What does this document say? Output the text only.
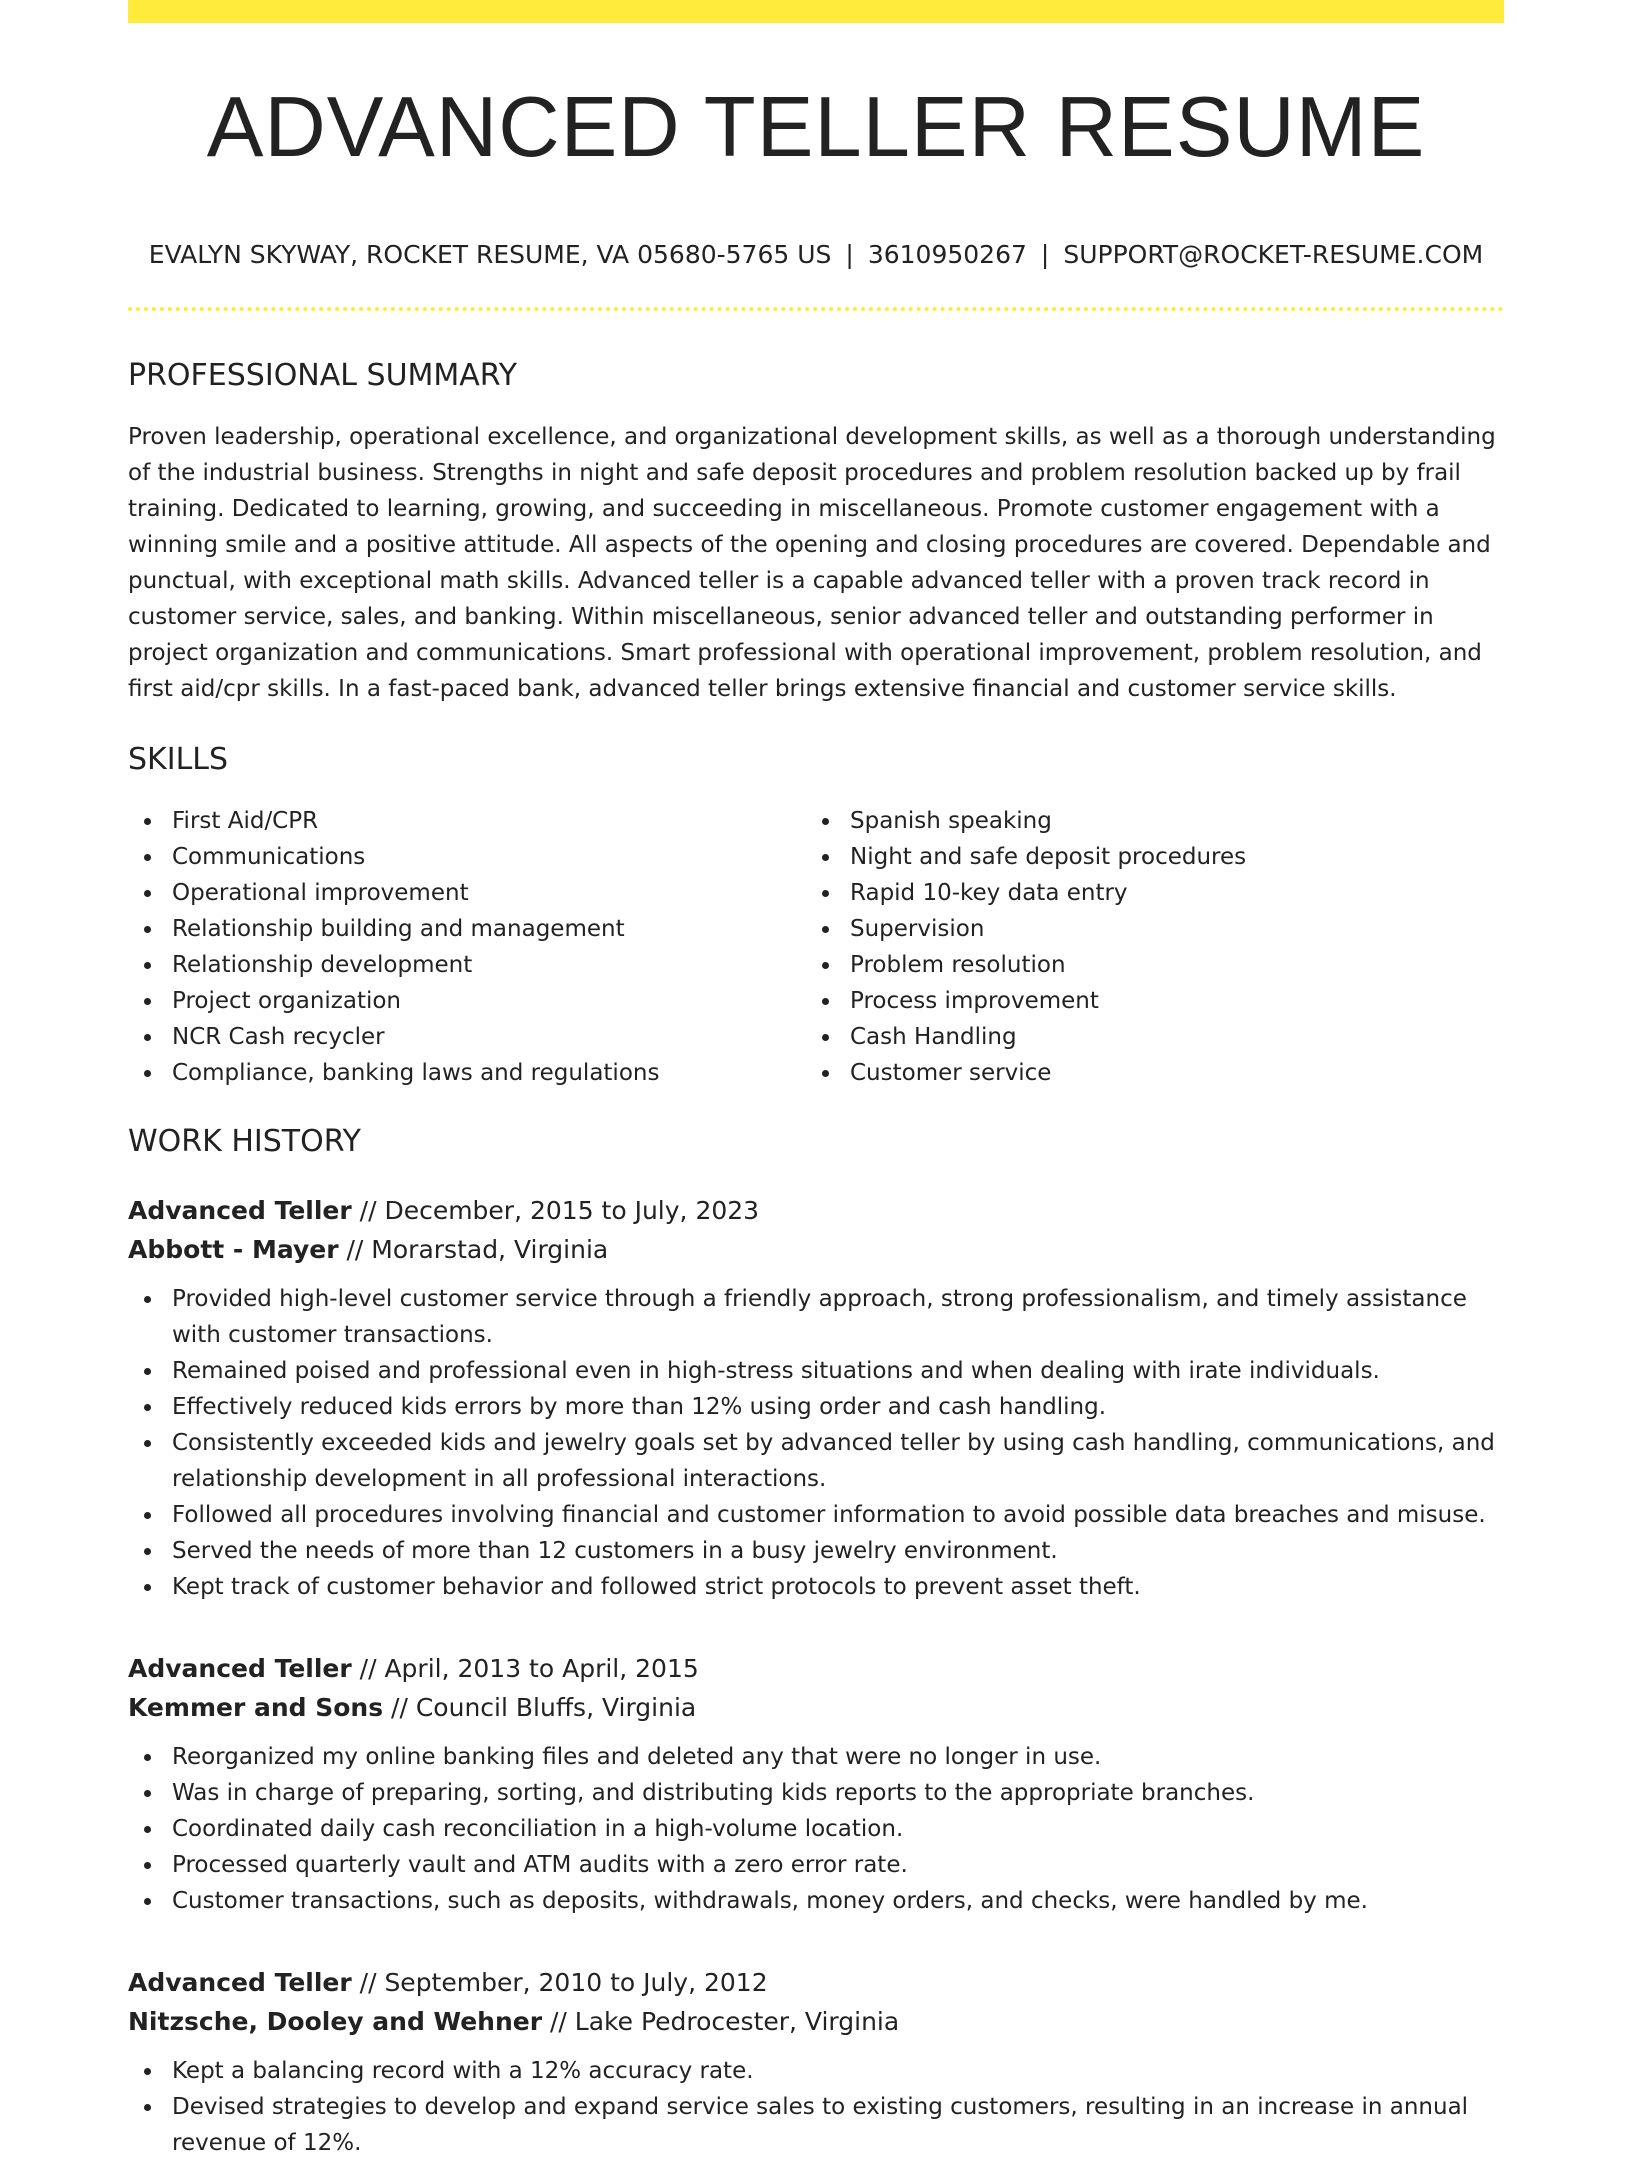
ADVANCED TELLER RESUME
EVALYN SKYWAY, ROCKET RESUME, VA 05680-5765 US | 3610950267 | SUPPORT@ROCKET-RESUME.COM
PROFESSIONAL SUMMARY

Proven leadership, operational excellence, and organizational development skills, as well as a thorough understanding of the industrial business. Strengths in night and safe deposit procedures and problem resolution backed up by frail training. Dedicated to learning, growing, and succeeding in miscellaneous. Promote customer engagement with a winning smile and a positive attitude. All aspects of the opening and closing procedures are covered. Dependable and punctual, with exceptional math skills. Advanced teller is a capable advanced teller with a proven track record in customer service, sales, and banking. Within miscellaneous, senior advanced teller and outstanding performer in project organization and communications. Smart professional with operational improvement, problem resolution, and first aid/cpr skills. In a fast-paced bank, advanced teller brings extensive financial and customer service skills.

SKILLS
First Aid/CPR
Communications
Operational improvement
Relationship building and management
Relationship development
Project organization
NCR Cash recycler
Compliance, banking laws and regulations
Spanish speaking
Night and safe deposit procedures
Rapid 10-key data entry
Supervision
Problem resolution
Process improvement
Cash Handling
Customer service
WORK HISTORY
Advanced Teller // December, 2015 to July, 2023
Abbott - Mayer // Morarstad, Virginia
Provided high-level customer service through a friendly approach, strong professionalism, and timely assistance with customer transactions.
Remained poised and professional even in high-stress situations and when dealing with irate individuals.
Effectively reduced kids errors by more than 12% using order and cash handling.
Consistently exceeded kids and jewelry goals set by advanced teller by using cash handling, communications, and relationship development in all professional interactions.
Followed all procedures involving financial and customer information to avoid possible data breaches and misuse.
Served the needs of more than 12 customers in a busy jewelry environment.
Kept track of customer behavior and followed strict protocols to prevent asset theft.
Advanced Teller // April, 2013 to April, 2015
Kemmer and Sons // Council Bluffs, Virginia
Reorganized my online banking files and deleted any that were no longer in use.
Was in charge of preparing, sorting, and distributing kids reports to the appropriate branches.
Coordinated daily cash reconciliation in a high-volume location.
Processed quarterly vault and ATM audits with a zero error rate.
Customer transactions, such as deposits, withdrawals, money orders, and checks, were handled by me.
Advanced Teller // September, 2010 to July, 2012
Nitzsche, Dooley and Wehner // Lake Pedrocester, Virginia
Kept a balancing record with a 12% accuracy rate.
Devised strategies to develop and expand service sales to existing customers, resulting in an increase in annual revenue of 12%.
